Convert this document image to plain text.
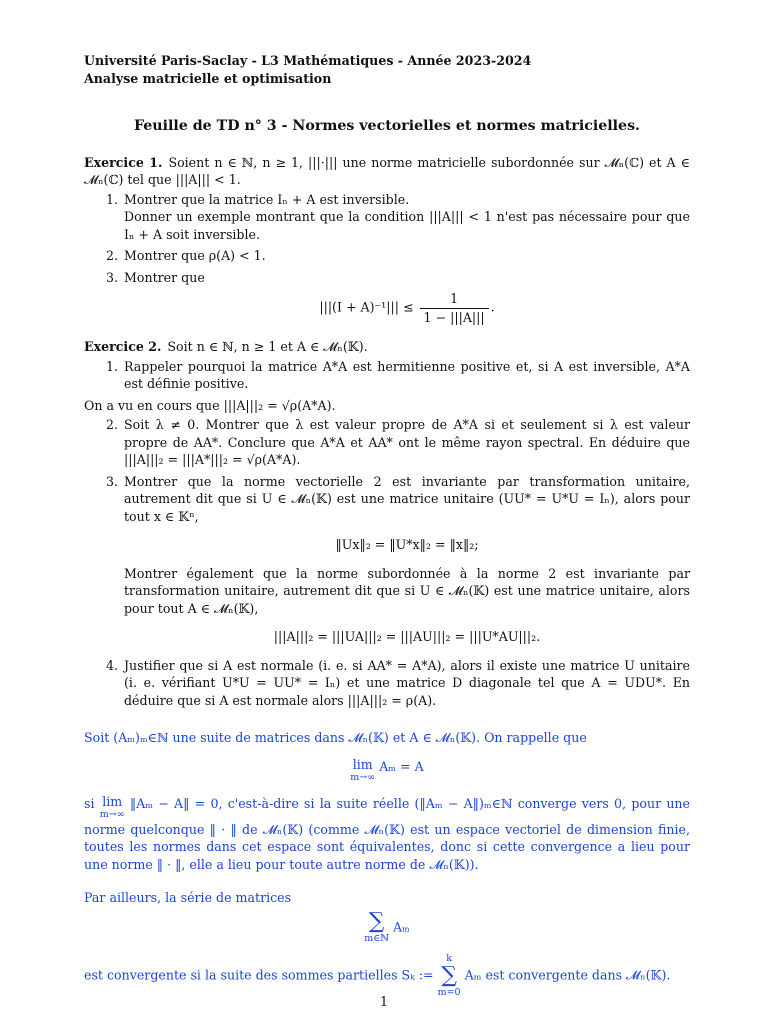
Université Paris-Saclay - L3 Mathématiques - Année 2023-2024

Analyse matricielle et optimisation

Feuille de TD n° 3 - Normes vectorielles et normes matricielles.

Exercice 1. Soient n ∈ ℕ, n ≥ 1, |||·||| une norme matricielle subordonnée sur 𝓜ₙ(ℂ) et A ∈ 𝓜ₙ(ℂ) tel que |||A||| < 1.

1. Montrer que la matrice Iₙ + A est inversible.
Donner un exemple montrant que la condition |||A||| < 1 n'est pas nécessaire pour que Iₙ + A soit inversible.
2. Montrer que ρ(A) < 1.
3. Montrer que
$|||(I + A)^{-1}||| \le \frac{1}{1 - |||A|||}$ .

Exercice 2. Soit n ∈ ℕ, n ≥ 1 et A ∈ 𝓜ₙ(𝕂).

1. Rappeler pourquoi la matrice A*A est hermitienne positive et, si A est inversible, A*A est définie positive.

On a vu en cours que |||A|||₂ = √ρ(A*A).

2. Soit λ ≠ 0. Montrer que λ est valeur propre de A*A si et seulement si λ est valeur propre de AA*. Conclure que A*A et AA* ont le même rayon spectral. En déduire que |||A|||₂ = |||A*|||₂ = √ρ(A*A).
3. Montrer que la norme vectorielle 2 est invariante par transformation unitaire, autrement dit que si U ∈ 𝓜ₙ(𝕂) est une matrice unitaire (UU* = U*U = Iₙ), alors pour tout x ∈ 𝕂ⁿ,
‖Ux‖₂ = ‖U*x‖₂ = ‖x‖₂;
Montrer également que la norme subordonnée à la norme 2 est invariante par transformation unitaire, autrement dit que si U ∈ 𝓜ₙ(𝕂) est une matrice unitaire, alors pour tout A ∈ 𝓜ₙ(𝕂),
|||A|||₂ = |||UA|||₂ = |||AU|||₂ = |||U*AU|||₂.
4. Justifier que si A est normale (i. e. si AA* = A*A), alors il existe une matrice U unitaire (i. e. vérifiant U*U = UU* = Iₙ) et une matrice D diagonale tel que A = UDU*. En déduire que si A est normale alors |||A|||₂ = ρ(A).

Soit (Aₘ)ₘ∈ℕ une suite de matrices dans 𝓜ₙ(𝕂) et A ∈ 𝓜ₙ(𝕂). On rappelle que

lim
m→∞
Aₘ = A

si lim
m→∞
‖Aₘ − A‖ = 0, c'est-à-dire si la suite réelle (‖Aₘ − A‖)ₘ∈ℕ converge vers 0, pour une norme quelconque ‖ · ‖ de 𝓜ₙ(𝕂) (comme 𝓜ₙ(𝕂) est un espace vectoriel de dimension finie, toutes les normes dans cet espace sont équivalentes, donc si cette convergence a lieu pour une norme ‖ · ‖, elle a lieu pour toute autre norme de 𝓜ₙ(𝕂)).

Par ailleurs, la série de matrices

∑
m∈ℕ
Aₘ

est convergente si la suite des sommes partielles Sₖ :=
k
∑
m=0
Aₘ est convergente dans 𝓜ₙ(𝕂).

1
